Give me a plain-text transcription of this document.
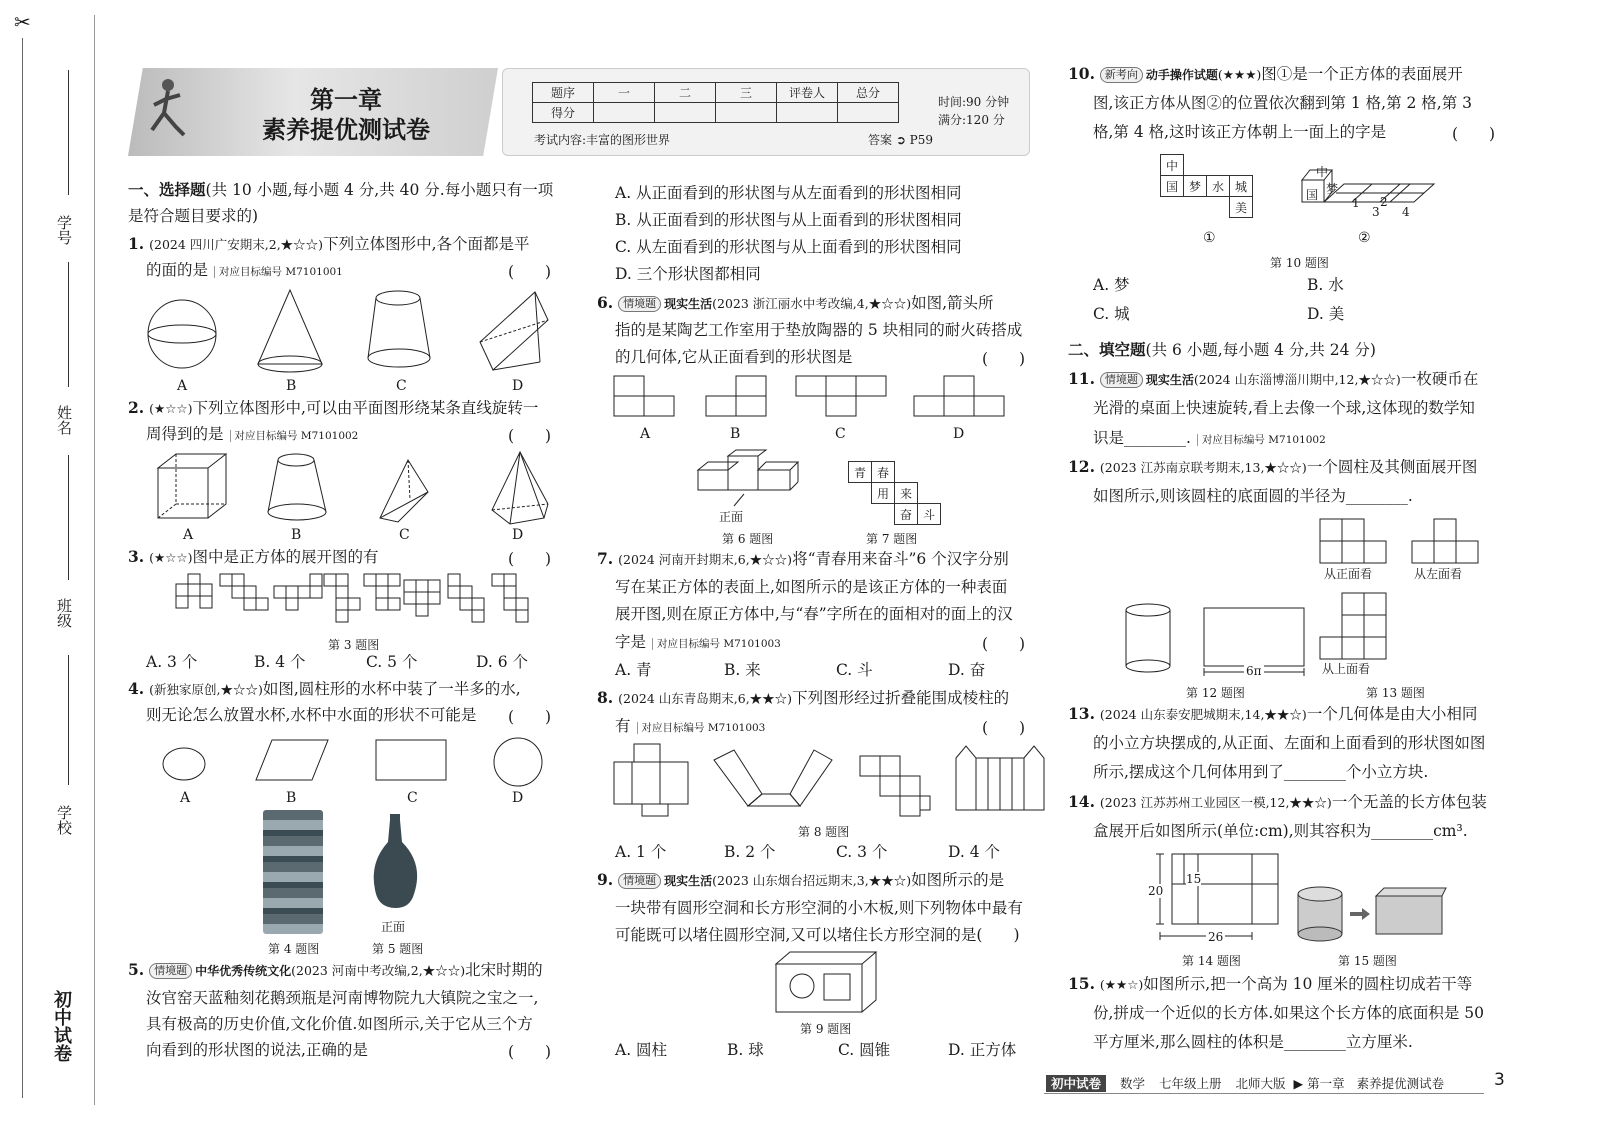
✂
学号
姓名
班级
学校
初中试卷
第一章
素养提优测试卷
题序	一	二	三	评卷人	总分
得分					
时间:90 分钟
满分:120 分
考试内容:丰富的图形世界	答案 ➲ P59
一、选择题(共 10 小题,每小题 4 分,共 40 分.每小题只有一项
是符合题目要求的)
1. (2024 四川广安期末,2,★☆☆)下列立体图形中,各个面都是平
的面的是 对应目标编号 M7101001	(　　)
A	B	C	D
2. (★☆☆)下列立体图形中,可以由平面图形绕某条直线旋转一
周得到的是 对应目标编号 M7101002	(　　)
A	B	C	D
3. (★☆☆)图中是正方体的展开图的有	(　　)
第 3 题图
A. 3 个	B. 4 个	C. 5 个	D. 6 个
4. (新独家原创,★☆☆)如图,圆柱形的水杯中装了一半多的水,
则无论怎么放置水杯,水杯中水面的形状不可能是 (　　)
A	B	C	D
正面
第 4 题图	第 5 题图
5. 情境题 中华优秀传统文化(2023 河南中考改编,2,★☆☆)北宋时期的
汝官窑天蓝釉刻花鹅颈瓶是河南博物院九大镇院之宝之一,
具有极高的历史价值,文化价值.如图所示,关于它从三个方
向看到的形状图的说法,正确的是	(　　)
A. 从正面看到的形状图与从左面看到的形状图相同
B. 从正面看到的形状图与从上面看到的形状图相同
C. 从左面看到的形状图与从上面看到的形状图相同
D. 三个形状图都相同
6. 情境题 现实生活(2023 浙江丽水中考改编,4,★☆☆)如图,箭头所
指的是某陶艺工作室用于垫放陶器的 5 块相同的耐火砖搭成
的几何体,它从正面看到的形状图是	(　　)
A	B	C	D
正面
第 6 题图
青	春		
	用	来	
		奋	斗
第 7 题图
7. (2024 河南开封期末,6,★☆☆)将“青春用来奋斗”6 个汉字分别
写在某正方体的表面上,如图所示的是该正方体的一种表面
展开图,则在原正方体中,与“春”字所在的面相对的面上的汉
字是 对应目标编号 M7101003	(　　)
A. 青	B. 来	C. 斗	D. 奋
8. (2024 山东青岛期末,6,★★☆)下列图形经过折叠能围成棱柱的
有 对应目标编号 M7101003	(　　)
第 8 题图
A. 1 个	B. 2 个	C. 3 个	D. 4 个
9. 情境题 现实生活(2023 山东烟台招远期末,3,★★☆)如图所示的是
一块带有圆形空洞和长方形空洞的小木板,则下列物体中最有
可能既可以堵住圆形空洞,又可以堵住长方形空洞的是(　　)
第 9 题图
A. 圆柱	B. 球	C. 圆锥	D. 正方体
10. 新考向 动手操作试题(★★★)图①是一个正方体的表面展开
图,该正方体从图②的位置依次翻到第 1 格,第 2 格,第 3
格,第 4 格,这时该正方体朝上一面上的字是	(　　)
中			
国	梦	水	城
			美
中
国 梦
1 2
3 4
①	②
第 10 题图
A. 梦	B. 水
C. 城	D. 美
二、填空题(共 6 小题,每小题 4 分,共 24 分)
11. 情境题 现实生活(2024 山东淄博淄川期中,12,★☆☆)一枚硬币在
光滑的桌面上快速旋转,看上去像一个球,这体现的数学知
识是________. 对应目标编号 M7101002
12. (2023 江苏南京联考期末,13,★☆☆)一个圆柱及其侧面展开图
如图所示,则该圆柱的底面圆的半径为________.
从正面看	从左面看
6π	从上面看
第 12 题图	第 13 题图
13. (2024 山东泰安肥城期末,14,★★☆)一个几何体是由大小相同
的小立方块摆成的,从正面、左面和上面看到的形状图如图
所示,摆成这个几何体用到了________个小立方块.
14. (2023 江苏苏州工业园区一模,12,★★☆)一个无盖的长方体包装
盒展开后如图所示(单位:cm),则其容积为________cm³.
20
15
26
第 14 题图	第 15 题图
15. (★★☆)如图所示,把一个高为 10 厘米的圆柱切成若干等
份,拼成一个近似的长方体.如果这个长方体的底面积是 50
平方厘米,那么圆柱的体积是________立方厘米.
初中试卷 数学 七年级上册 北师大版 ▶ 第一章 素养提优测试卷	3
